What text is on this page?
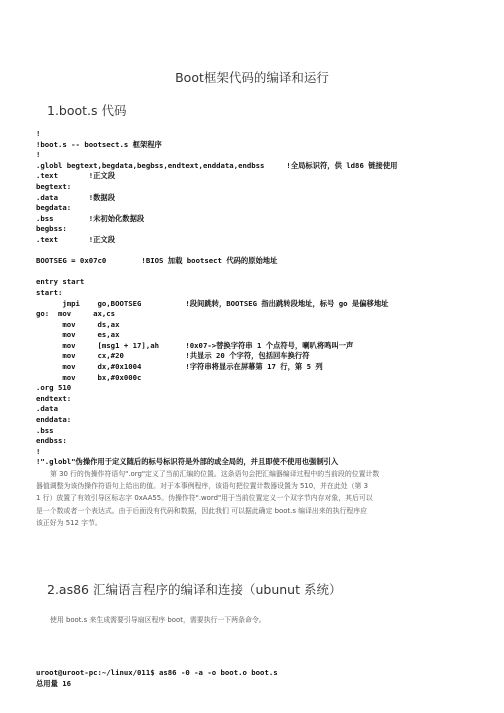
Boot框架代码的编译和运行
1.boot.s 代码
!
!boot.s -- bootsect.s 框架程序
!
.globl begtext,begdata,begbss,endtext,enddata,endbss     !全局标识符，供 ld86 链接使用
.text       !正文段
begtext:
.data       !数据段
begdata:
.bss        !未初始化数据段
begbss:
.text       !正文段
BOOTSEG = 0x07c0        !BIOS 加载 bootsect 代码的原始地址
entry start
start:
jmpi    go,BOOTSEG          !段间跳转，BOOTSEG 指出跳转段地址，标号 go 是偏移地址
go:  mov     ax,cs
mov     ds,ax
mov     es,ax
mov     [msg1 + 17],ah      !0x07->替换字符串 1 个点符号，喇叭将鸣叫一声
mov     cx,#20              !共显示 20 个字符，包括回车换行符
mov     dx,#0x1004          !字符串将显示在屏幕第 17 行，第 5 列
mov     bx,#0x000c
.org 510
endtext:
.data
enddata:
.bss
endbss:
!
!".globl"伪操作用于定义随后的标号标识符是外部的或全局的，并且即使不使用也强制引入
第 30 行的伪操作符语句".org"定义了当前汇编的位置。这条语句会把汇编器编译过程中的当前段的位置计数
器值调整为该伪操作符语句上给出的值。对于本事例程序，该语句把位置计数器设置为 510，并在此处（第 3
1 行）放置了有效引导区标志字 0xAA55。伪操作符".word"用于当前位置定义一个双字节内存对象，其后可以
是一个数或者一个表达式。由于后面没有代码和数据，因此我们 可以据此确定 boot.s 编译出来的执行程序应
该正好为 512 字节。
2.as86 汇编语言程序的编译和连接（ubunut 系统）
使用 boot.s 来生成需要引导扇区程序 boot，需要执行一下两条命令。
uroot@uroot-pc:~/linux/011$ as86 -0 -a -o boot.o boot.s
总用量 16
